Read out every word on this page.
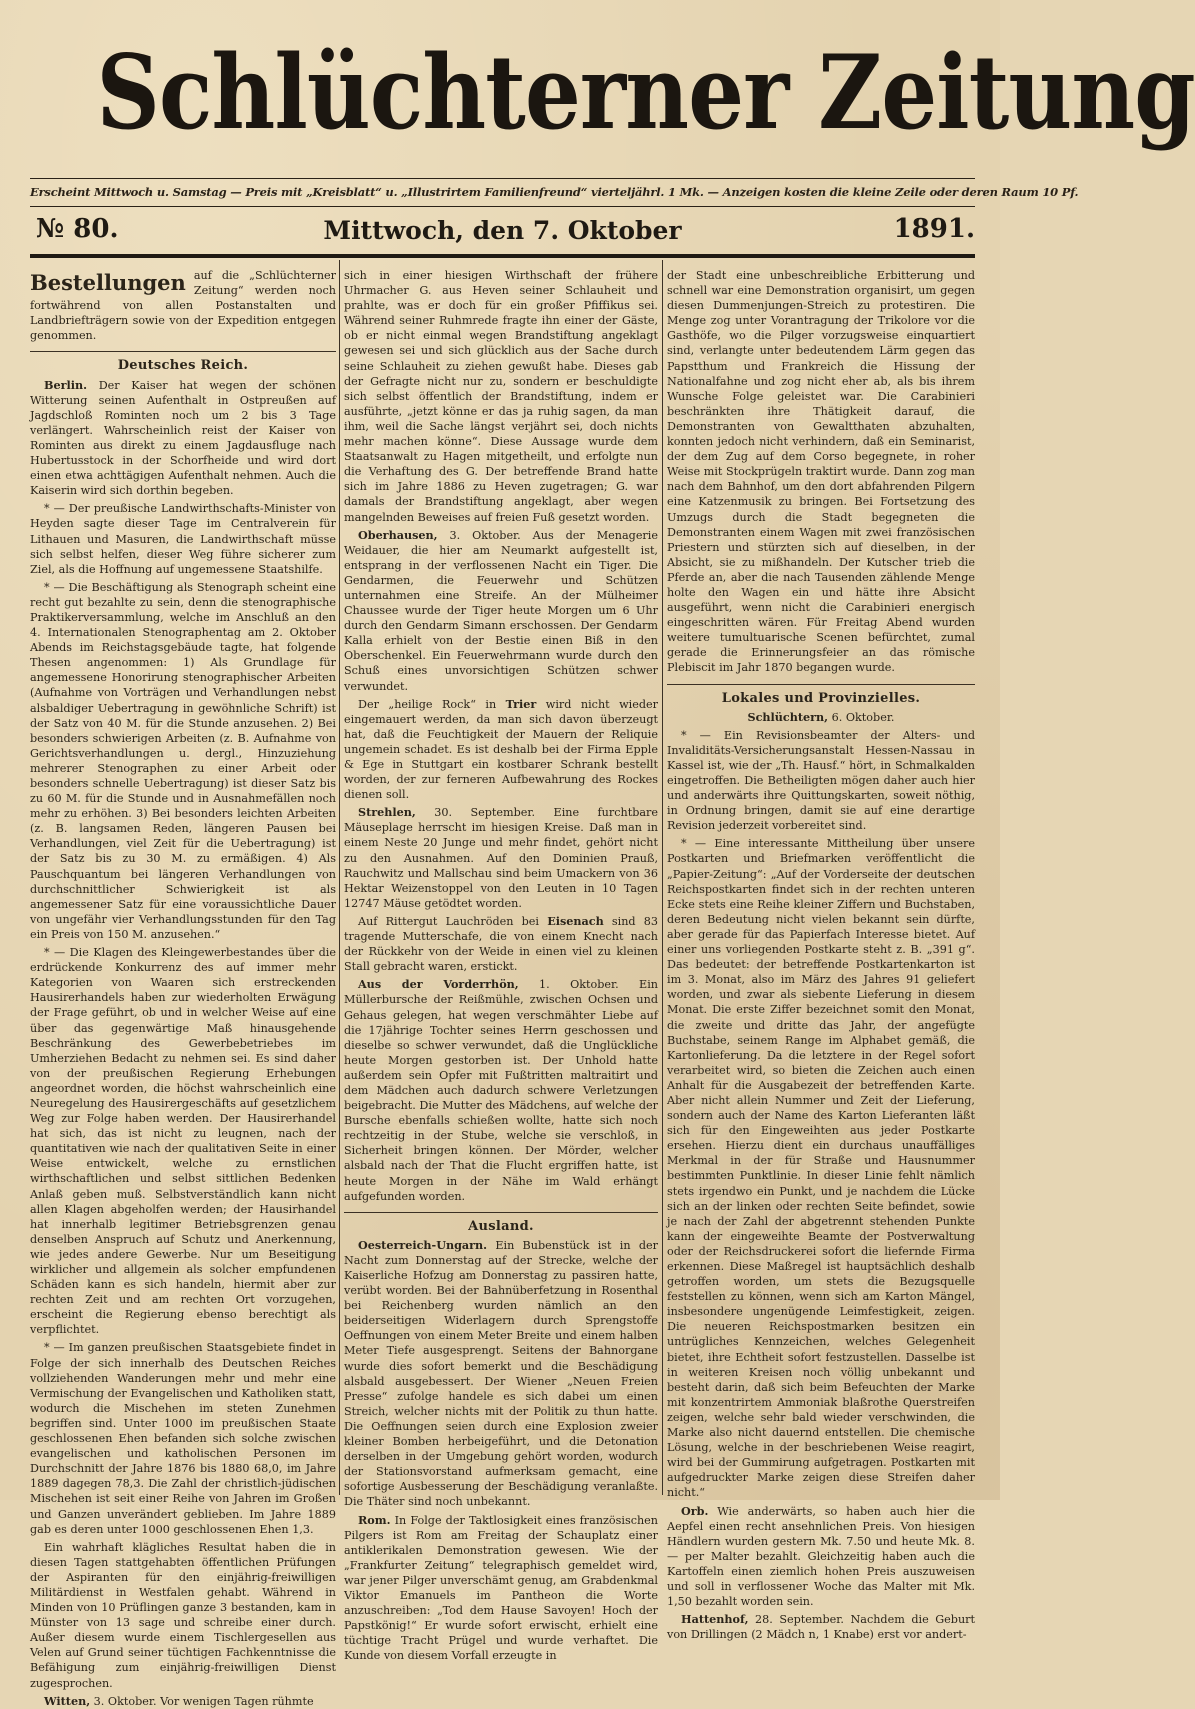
Schlüchterner Zeitung
Erscheint Mittwoch u. Samstag — Preis mit „Kreisblatt“ u. „Illustrirtem Familienfreund“ vierteljährl. 1 Mk. — Anzeigen kosten die kleine Zeile oder deren Raum 10 Pf.
№ 80.	Mittwoch, den 7. Oktober	1891.
Bestellungen auf die „Schlüchterner Zeitung“ werden noch fortwährend von allen Postanstalten und Landbriefträgern sowie von der Expedition entgegen genommen.
Deutsches Reich.

Berlin. Der Kaiser hat wegen der schönen Witterung seinen Aufenthalt in Ostpreußen auf Jagdschloß Rominten noch um 2 bis 3 Tage verlängert. Wahrscheinlich reist der Kaiser von Rominten aus direkt zu einem Jagdausfluge nach Hubertusstock in der Schorfheide und wird dort einen etwa achttägigen Aufenthalt nehmen. Auch die Kaiserin wird sich dorthin begeben.

* — Der preußische Landwirthschafts-Minister von Heyden sagte dieser Tage im Centralverein für Lithauen und Masuren, die Landwirthschaft müsse sich selbst helfen, dieser Weg führe sicherer zum Ziel, als die Hoffnung auf ungemessene Staatshilfe.

* — Die Beschäftigung als Stenograph scheint eine recht gut bezahlte zu sein, denn die stenographische Praktikerversammlung, welche im Anschluß an den 4. Internationalen Stenographentag am 2. Oktober Abends im Reichstagsgebäude tagte, hat folgende Thesen angenommen: 1) Als Grundlage für angemessene Honorirung stenographischer Arbeiten (Aufnahme von Vorträgen und Verhandlungen nebst alsbaldiger Uebertragung in gewöhnliche Schrift) ist der Satz von 40 M. für die Stunde anzusehen. 2) Bei besonders schwierigen Arbeiten (z. B. Aufnahme von Gerichtsverhandlungen u. dergl., Hinzuziehung mehrerer Stenographen zu einer Arbeit oder besonders schnelle Uebertragung) ist dieser Satz bis zu 60 M. für die Stunde und in Ausnahmefällen noch mehr zu erhöhen. 3) Bei besonders leichten Arbeiten (z. B. langsamen Reden, längeren Pausen bei Verhandlungen, viel Zeit für die Uebertragung) ist der Satz bis zu 30 M. zu ermäßigen. 4) Als Pauschquantum bei längeren Verhandlungen von durchschnittlicher Schwierigkeit ist als angemessener Satz für eine voraussichtliche Dauer von ungefähr vier Verhandlungsstunden für den Tag ein Preis von 150 M. anzusehen.“

* — Die Klagen des Kleingewerbestandes über die erdrückende Konkurrenz des auf immer mehr Kategorien von Waaren sich erstreckenden Hausirerhandels haben zur wiederholten Erwägung der Frage geführt, ob und in welcher Weise auf eine über das gegenwärtige Maß hinausgehende Beschränkung des Gewerbebetriebes im Umherziehen Bedacht zu nehmen sei. Es sind daher von der preußischen Regierung Erhebungen angeordnet worden, die höchst wahrscheinlich eine Neuregelung des Hausirergeschäfts auf gesetzlichem Weg zur Folge haben werden. Der Hausirerhandel hat sich, das ist nicht zu leugnen, nach der quantitativen wie nach der qualitativen Seite in einer Weise entwickelt, welche zu ernstlichen wirthschaftlichen und selbst sittlichen Bedenken Anlaß geben muß. Selbstverständlich kann nicht allen Klagen abgeholfen werden; der Hausirhandel hat innerhalb legitimer Betriebsgrenzen genau denselben Anspruch auf Schutz und Anerkennung, wie jedes andere Gewerbe. Nur um Beseitigung wirklicher und allgemein als solcher empfundenen Schäden kann es sich handeln, hiermit aber zur rechten Zeit und am rechten Ort vorzugehen, erscheint die Regierung ebenso berechtigt als verpflichtet.

* — Im ganzen preußischen Staatsgebiete findet in Folge der sich innerhalb des Deutschen Reiches vollziehenden Wanderungen mehr und mehr eine Vermischung der Evangelischen und Katholiken statt, wodurch die Mischehen im steten Zunehmen begriffen sind. Unter 1000 im preußischen Staate geschlossenen Ehen befanden sich solche zwischen evangelischen und katholischen Personen im Durchschnitt der Jahre 1876 bis 1880 68,0, im Jahre 1889 dagegen 78,3. Die Zahl der christlich-jüdischen Mischehen ist seit einer Reihe von Jahren im Großen und Ganzen unverändert geblieben. Im Jahre 1889 gab es deren unter 1000 geschlossenen Ehen 1,3.

Ein wahrhaft klägliches Resultat haben die in diesen Tagen stattgehabten öffentlichen Prüfungen der Aspiranten für den einjährig-freiwilligen Militärdienst in Westfalen gehabt. Während in Minden von 10 Prüflingen ganze 3 bestanden, kam in Münster von 13 sage und schreibe einer durch. Außer diesem wurde einem Tischlergesellen aus Velen auf Grund seiner tüchtigen Fachkenntnisse die Befähigung zum einjährig-freiwilligen Dienst zugesprochen.

Witten, 3. Oktober. Vor wenigen Tagen rühmte

sich in einer hiesigen Wirthschaft der frühere Uhrmacher G. aus Heven seiner Schlauheit und prahlte, was er doch für ein großer Pfiffikus sei. Während seiner Ruhmrede fragte ihn einer der Gäste, ob er nicht einmal wegen Brandstiftung angeklagt gewesen sei und sich glücklich aus der Sache durch seine Schlauheit zu ziehen gewußt habe. Dieses gab der Gefragte nicht nur zu, sondern er beschuldigte sich selbst öffentlich der Brandstiftung, indem er ausführte, „jetzt könne er das ja ruhig sagen, da man ihm, weil die Sache längst verjährt sei, doch nichts mehr machen könne“. Diese Aussage wurde dem Staatsanwalt zu Hagen mitgetheilt, und erfolgte nun die Verhaftung des G. Der betreffende Brand hatte sich im Jahre 1886 zu Heven zugetragen; G. war damals der Brandstiftung angeklagt, aber wegen mangelnden Beweises auf freien Fuß gesetzt worden.

Oberhausen, 3. Oktober. Aus der Menagerie Weidauer, die hier am Neumarkt aufgestellt ist, entsprang in der verflossenen Nacht ein Tiger. Die Gendarmen, die Feuerwehr und Schützen unternahmen eine Streife. An der Mülheimer Chaussee wurde der Tiger heute Morgen um 6 Uhr durch den Gendarm Simann erschossen. Der Gendarm Kalla erhielt von der Bestie einen Biß in den Oberschenkel. Ein Feuerwehrmann wurde durch den Schuß eines unvorsichtigen Schützen schwer verwundet.

Der „heilige Rock“ in Trier wird nicht wieder eingemauert werden, da man sich davon überzeugt hat, daß die Feuchtigkeit der Mauern der Reliquie ungemein schadet. Es ist deshalb bei der Firma Epple & Ege in Stuttgart ein kostbarer Schrank bestellt worden, der zur ferneren Aufbewahrung des Rockes dienen soll.

Strehlen, 30. September. Eine furchtbare Mäuseplage herrscht im hiesigen Kreise. Daß man in einem Neste 20 Junge und mehr findet, gehört nicht zu den Ausnahmen. Auf den Dominien Prauß, Rauchwitz und Mallschau sind beim Umackern von 36 Hektar Weizenstoppel von den Leuten in 10 Tagen 12747 Mäuse getödtet worden.

Auf Rittergut Lauchröden bei Eisenach sind 83 tragende Mutterschafe, die von einem Knecht nach der Rückkehr von der Weide in einen viel zu kleinen Stall gebracht waren, erstickt.

Aus der Vorderrhön, 1. Oktober. Ein Müllerbursche der Reißmühle, zwischen Ochsen und Gehaus gelegen, hat wegen verschmähter Liebe auf die 17jährige Tochter seines Herrn geschossen und dieselbe so schwer verwundet, daß die Unglückliche heute Morgen gestorben ist. Der Unhold hatte außerdem sein Opfer mit Fußtritten maltraitirt und dem Mädchen auch dadurch schwere Verletzungen beigebracht. Die Mutter des Mädchens, auf welche der Bursche ebenfalls schießen wollte, hatte sich noch rechtzeitig in der Stube, welche sie verschloß, in Sicherheit bringen können. Der Mörder, welcher alsbald nach der That die Flucht ergriffen hatte, ist heute Morgen in der Nähe im Wald erhängt aufgefunden worden.

Ausland.

Oesterreich-Ungarn. Ein Bubenstück ist in der Nacht zum Donnerstag auf der Strecke, welche der Kaiserliche Hofzug am Donnerstag zu passiren hatte, verübt worden. Bei der Bahnüberfetzung in Rosenthal bei Reichenberg wurden nämlich an den beiderseitigen Widerlagern durch Sprengstoffe Oeffnungen von einem Meter Breite und einem halben Meter Tiefe ausgesprengt. Seitens der Bahnorgane wurde dies sofort bemerkt und die Beschädigung alsbald ausgebessert. Der Wiener „Neuen Freien Presse“ zufolge handele es sich dabei um einen Streich, welcher nichts mit der Politik zu thun hatte. Die Oeffnungen seien durch eine Explosion zweier kleiner Bomben herbeigeführt, und die Detonation derselben in der Umgebung gehört worden, wodurch der Stationsvorstand aufmerksam gemacht, eine sofortige Ausbesserung der Beschädigung veranlaßte. Die Thäter sind noch unbekannt.

Rom. In Folge der Taktlosigkeit eines französischen Pilgers ist Rom am Freitag der Schauplatz einer antiklerikalen Demonstration gewesen. Wie der „Frankfurter Zeitung“ telegraphisch gemeldet wird, war jener Pilger unverschämt genug, am Grabdenkmal Viktor Emanuels im Pantheon die Worte anzuschreiben: „Tod dem Hause Savoyen! Hoch der Papstkönig!“ Er wurde sofort erwischt, erhielt eine tüchtige Tracht Prügel und wurde verhaftet. Die Kunde von diesem Vorfall erzeugte in

der Stadt eine unbeschreibliche Erbitterung und schnell war eine Demonstration organisirt, um gegen diesen Dummenjungen-Streich zu protestiren. Die Menge zog unter Vorantragung der Trikolore vor die Gasthöfe, wo die Pilger vorzugsweise einquartiert sind, verlangte unter bedeutendem Lärm gegen das Papstthum und Frankreich die Hissung der Nationalfahne und zog nicht eher ab, als bis ihrem Wunsche Folge geleistet war. Die Carabinieri beschränkten ihre Thätigkeit darauf, die Demonstranten von Gewaltthaten abzuhalten, konnten jedoch nicht verhindern, daß ein Seminarist, der dem Zug auf dem Corso begegnete, in roher Weise mit Stockprügeln traktirt wurde. Dann zog man nach dem Bahnhof, um den dort abfahrenden Pilgern eine Katzenmusik zu bringen. Bei Fortsetzung des Umzugs durch die Stadt begegneten die Demonstranten einem Wagen mit zwei französischen Priestern und stürzten sich auf dieselben, in der Absicht, sie zu mißhandeln. Der Kutscher trieb die Pferde an, aber die nach Tausenden zählende Menge holte den Wagen ein und hätte ihre Absicht ausgeführt, wenn nicht die Carabinieri energisch eingeschritten wären. Für Freitag Abend wurden weitere tumultuarische Scenen befürchtet, zumal gerade die Erinnerungsfeier an das römische Plebiscit im Jahr 1870 begangen wurde.

Lokales und Provinzielles.

Schlüchtern, 6. Oktober.

* — Ein Revisionsbeamter der Alters- und Invaliditäts-Versicherungsanstalt Hessen-Nassau in Kassel ist, wie der „Th. Hausf.“ hört, in Schmalkalden eingetroffen. Die Betheiligten mögen daher auch hier und anderwärts ihre Quittungskarten, soweit nöthig, in Ordnung bringen, damit sie auf eine derartige Revision jederzeit vorbereitet sind.

* — Eine interessante Mittheilung über unsere Postkarten und Briefmarken veröffentlicht die „Papier-Zeitung“: „Auf der Vorderseite der deutschen Reichspostkarten findet sich in der rechten unteren Ecke stets eine Reihe kleiner Ziffern und Buchstaben, deren Bedeutung nicht vielen bekannt sein dürfte, aber gerade für das Papierfach Interesse bietet. Auf einer uns vorliegenden Postkarte steht z. B. „391 g“. Das bedeutet: der betreffende Postkartenkarton ist im 3. Monat, also im März des Jahres 91 geliefert worden, und zwar als siebente Lieferung in diesem Monat. Die erste Ziffer bezeichnet somit den Monat, die zweite und dritte das Jahr, der angefügte Buchstabe, seinem Range im Alphabet gemäß, die Kartonlieferung. Da die letztere in der Regel sofort verarbeitet wird, so bieten die Zeichen auch einen Anhalt für die Ausgabezeit der betreffenden Karte. Aber nicht allein Nummer und Zeit der Lieferung, sondern auch der Name des Karton Lieferanten läßt sich für den Eingeweihten aus jeder Postkarte ersehen. Hierzu dient ein durchaus unauffälliges Merkmal in der für Straße und Hausnummer bestimmten Punktlinie. In dieser Linie fehlt nämlich stets irgendwo ein Punkt, und je nachdem die Lücke sich an der linken oder rechten Seite befindet, sowie je nach der Zahl der abgetrennt stehenden Punkte kann der eingeweihte Beamte der Postverwaltung oder der Reichsdruckerei sofort die liefernde Firma erkennen. Diese Maßregel ist hauptsächlich deshalb getroffen worden, um stets die Bezugsquelle feststellen zu können, wenn sich am Karton Mängel, insbesondere ungenügende Leimfestigkeit, zeigen. Die neueren Reichspostmarken besitzen ein untrügliches Kennzeichen, welches Gelegenheit bietet, ihre Echtheit sofort festzustellen. Dasselbe ist in weiteren Kreisen noch völlig unbekannt und besteht darin, daß sich beim Befeuchten der Marke mit konzentrirtem Ammoniak blaßrothe Querstreifen zeigen, welche sehr bald wieder verschwinden, die Marke also nicht dauernd entstellen. Die chemische Lösung, welche in der beschriebenen Weise reagirt, wird bei der Gummirung aufgetragen. Postkarten mit aufgedruckter Marke zeigen diese Streifen daher nicht.“

Orb. Wie anderwärts, so haben auch hier die Aepfel einen recht ansehnlichen Preis. Von hiesigen Händlern wurden gestern Mk. 7.50 und heute Mk. 8.— per Malter bezahlt. Gleichzeitig haben auch die Kartoffeln einen ziemlich hohen Preis auszuweisen und soll in verflossener Woche das Malter mit Mk. 1,50 bezahlt worden sein.

Hattenhof, 28. September. Nachdem die Geburt von Drillingen (2 Mädch n, 1 Knabe) erst vor andert-
